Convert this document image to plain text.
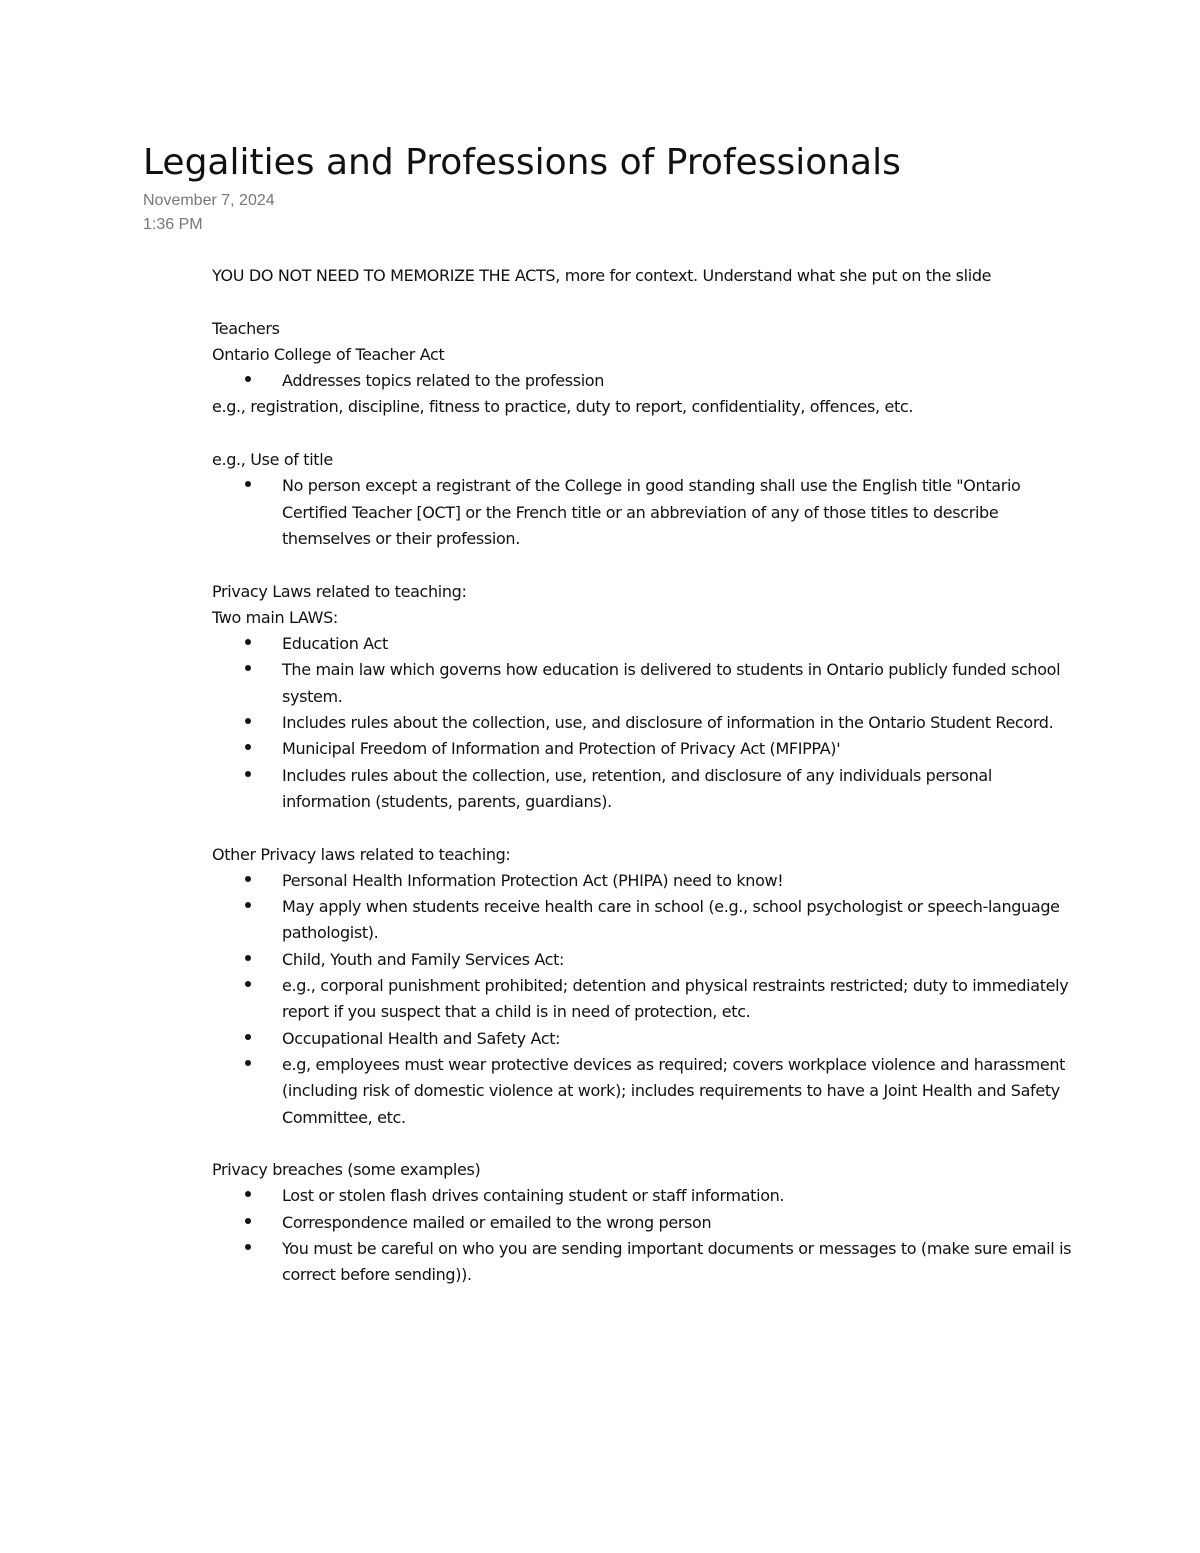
Legalities and Professions of Professionals
November 7, 2024
1:36 PM

YOU DO NOT NEED TO MEMORIZE THE ACTS, more for context. Understand what she put on the slide

Teachers

Ontario College of Teacher Act

Addresses topics related to the profession

e.g., registration, discipline, fitness to practice, duty to report, confidentiality, offences, etc.

e.g., Use of title

No person except a registrant of the College in good standing shall use the English title "Ontario Certified Teacher [OCT] or the French title or an abbreviation of any of those titles to describe themselves or their profession.

Privacy Laws related to teaching:

Two main LAWS:

Education Act
The main law which governs how education is delivered to students in Ontario publicly funded school system.
Includes rules about the collection, use, and disclosure of information in the Ontario Student Record.
Municipal Freedom of Information and Protection of Privacy Act (MFIPPA)'
Includes rules about the collection, use, retention, and disclosure of any individuals personal information (students, parents, guardians).

Other Privacy laws related to teaching:

Personal Health Information Protection Act (PHIPA) need to know!
May apply when students receive health care in school (e.g., school psychologist or speech-language pathologist).
Child, Youth and Family Services Act:
e.g., corporal punishment prohibited; detention and physical restraints restricted; duty to immediately report if you suspect that a child is in need of protection, etc.
Occupational Health and Safety Act:
e.g, employees must wear protective devices as required; covers workplace violence and harassment (including risk of domestic violence at work); includes requirements to have a Joint Health and Safety Committee, etc.

Privacy breaches (some examples)

Lost or stolen flash drives containing student or staff information.
Correspondence mailed or emailed to the wrong person
You must be careful on who you are sending important documents or messages to (make sure email is correct before sending)).
